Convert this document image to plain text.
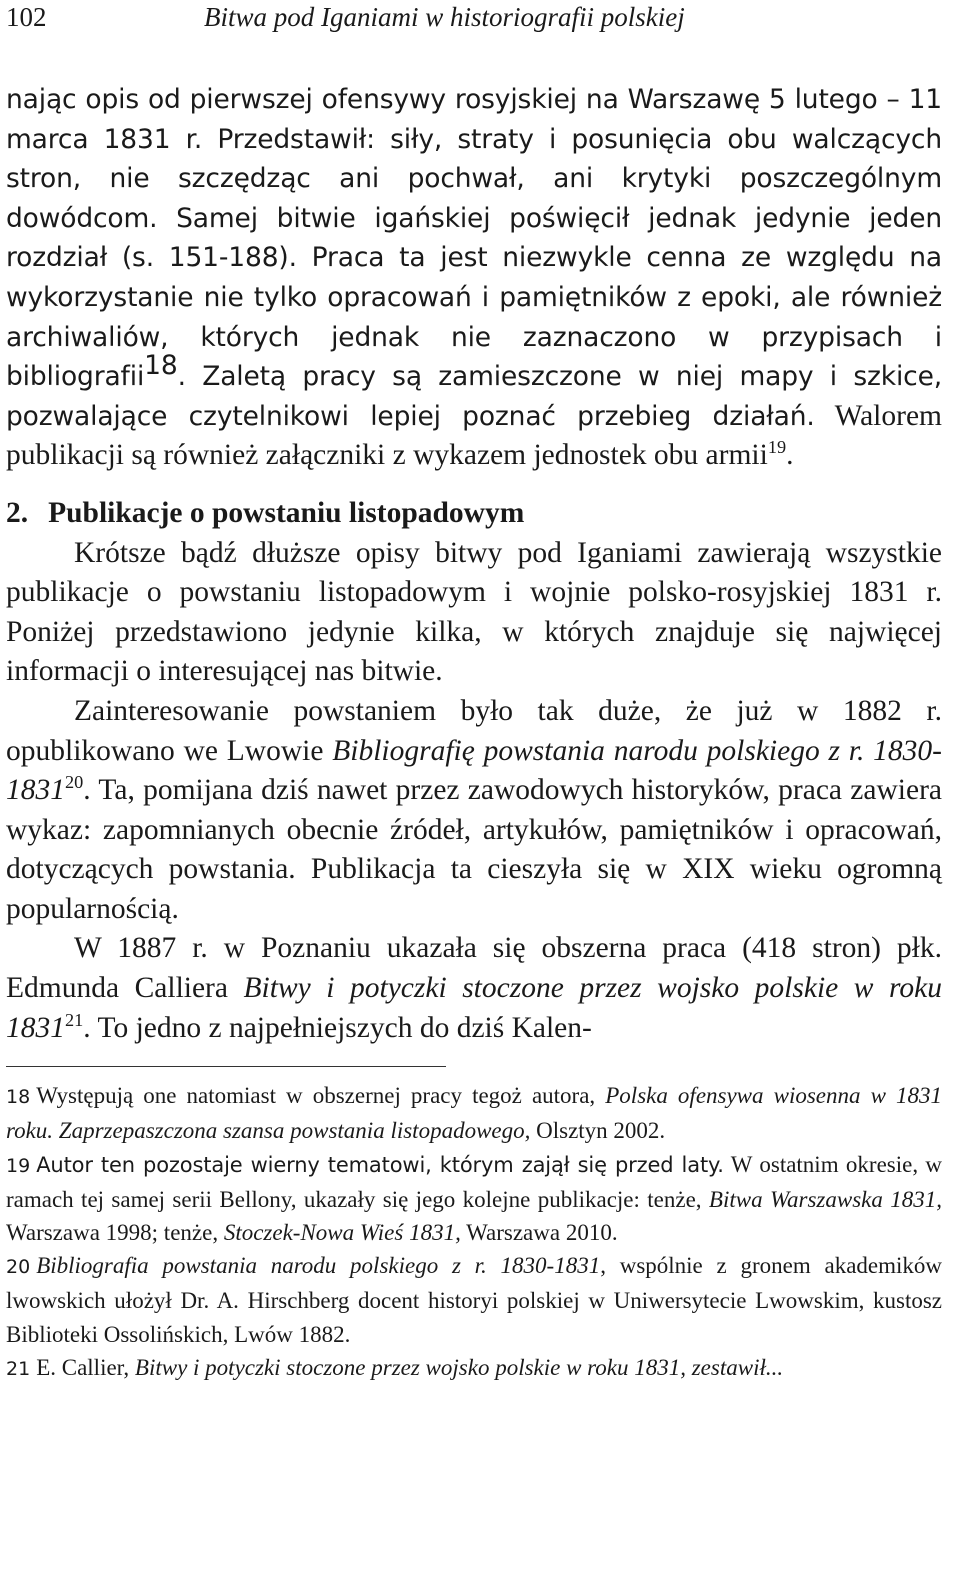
102	Bitwa pod Iganiami w historiografii polskiej

nając opis od pierwszej ofensywy rosyjskiej na Warszawę 5 lutego – 11 marca 1831 r. Przedstawił: siły, straty i posunięcia obu walczących stron, nie szczędząc ani pochwał, ani krytyki poszczególnym dowódcom. Samej bitwie igańskiej poświęcił jednak jedynie jeden rozdział (s. 151-188). Praca ta jest niezwykle cenna ze względu na wykorzystanie nie tylko opracowań i pamiętników z epoki, ale również archiwaliów, których jednak nie zaznaczono w przypisach i bibliografii$^{18}$. Zaletą pracy są zamieszczone w niej mapy i szkice, pozwalające czytelnikowi lepiej poznać przebieg działań. Walorem publikacji są również załączniki z wykazem jednostek obu armii$^{19}$.

2. Publikacje o powstaniu listopadowym

Krótsze bądź dłuższe opisy bitwy pod Iganiami zawierają wszystkie publikacje o powstaniu listopadowym i wojnie polsko-rosyjskiej 1831 r. Poniżej przedstawiono jedynie kilka, w których znajduje się najwięcej informacji o interesującej nas bitwie.

Zainteresowanie powstaniem było tak duże, że już w 1882 r. opublikowano we Lwowie Bibliografię powstania narodu polskiego z r. 1830-1831$^{20}$. Ta, pomijana dziś nawet przez zawodowych historyków, praca zawiera wykaz: zapomnianych obecnie źródeł, artykułów, pamiętników i opracowań, dotyczących powstania. Publikacja ta cieszyła się w XIX wieku ogromną popularnością.

W 1887 r. w Poznaniu ukazała się obszerna praca (418 stron) płk. Edmunda Calliera Bitwy i potyczki stoczone przez wojsko polskie w roku 1831$^{21}$. To jedno z najpełniejszych do dziś Kalen-

18 Występują one natomiast w obszernej pracy tegoż autora, Polska ofensywa wiosenna w 1831 roku. Zaprzepaszczona szansa powstania listopadowego, Olsztyn 2002.

19 Autor ten pozostaje wierny tematowi, którym zajął się przed laty. W ostatnim okresie, w ramach tej samej serii Bellony, ukazały się jego kolejne publikacje: tenże, Bitwa Warszawska 1831, Warszawa 1998; tenże, Stoczek-Nowa Wieś 1831, Warszawa 2010.

20 Bibliografia powstania narodu polskiego z r. 1830-1831, wspólnie z gronem akademików lwowskich ułożył Dr. A. Hirschberg docent historyi polskiej w Uniwersytecie Lwowskim, kustosz Biblioteki Ossolińskich, Lwów 1882.

21 E. Callier, Bitwy i potyczki stoczone przez wojsko polskie w roku 1831, zestawił...
